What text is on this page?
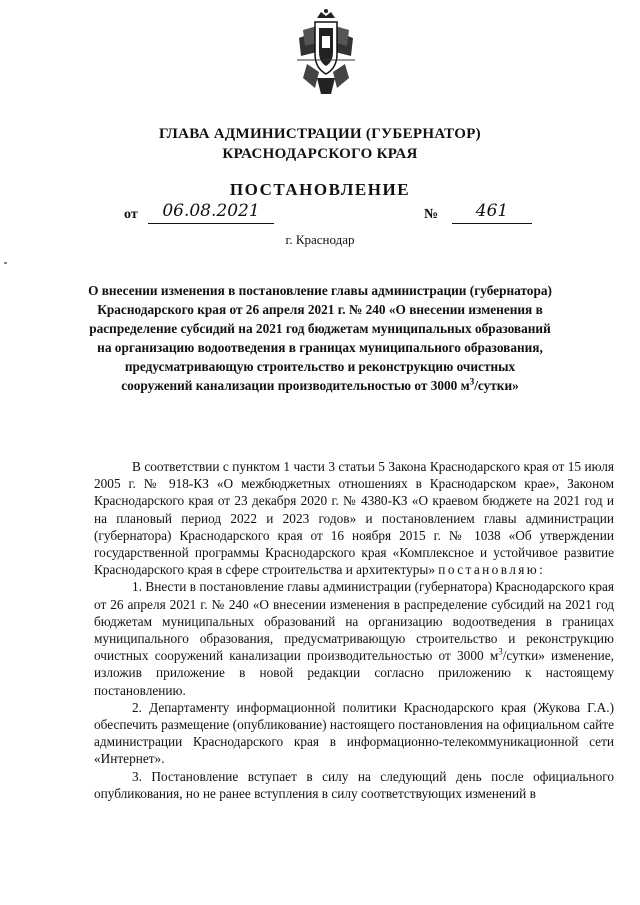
ГЛАВА АДМИНИСТРАЦИИ (ГУБЕРНАТОР)
КРАСНОДАРСКОГО КРАЯ
ПОСТАНОВЛЕНИЕ
от	06.08.2021	№	461
г. Краснодар
О внесении изменения в постановление главы администрации (губернатора) Краснодарского края от 26 апреля 2021 г. № 240 «О внесении изменения в распределение субсидий на 2021 год бюджетам муниципальных образований на организацию водоотведения в границах муниципального образования, предусматривающую строительство и реконструкцию очистных сооружений канализации производительностью от 3000 $м^3$/сутки»

В соответствии с пунктом 1 части 3 статьи 5 Закона Краснодарского края от 15 июля 2005 г. № 918-КЗ «О межбюджетных отношениях в Краснодарском крае», Законом Краснодарского края от 23 декабря 2020 г. № 4380-КЗ «О краевом бюджете на 2021 год и на плановый период 2022 и 2023 годов» и постановлением главы администрации (губернатора) Краснодарского края от 16 ноября 2015 г. № 1038 «Об утверждении государственной программы Краснодарского края «Комплексное и устойчивое развитие Краснодарского края в сфере строительства и архитектуры» постановляю:

1. Внести в постановление главы администрации (губернатора) Краснодарского края от 26 апреля 2021 г. № 240 «О внесении изменения в распределение субсидий на 2021 год бюджетам муниципальных образований на организацию водоотведения в границах муниципального образования, предусматривающую строительство и реконструкцию очистных сооружений канализации производительностью от 3000 $м^3$/сутки» изменение, изложив приложение в новой редакции согласно приложению к настоящему постановлению.

2. Департаменту информационной политики Краснодарского края (Жукова Г.А.) обеспечить размещение (опубликование) настоящего постановления на официальном сайте администрации Краснодарского края в информационно-телекоммуникационной сети «Интернет».

3. Постановление вступает в силу на следующий день после официального опубликования, но не ранее вступления в силу соответствующих изменений в
